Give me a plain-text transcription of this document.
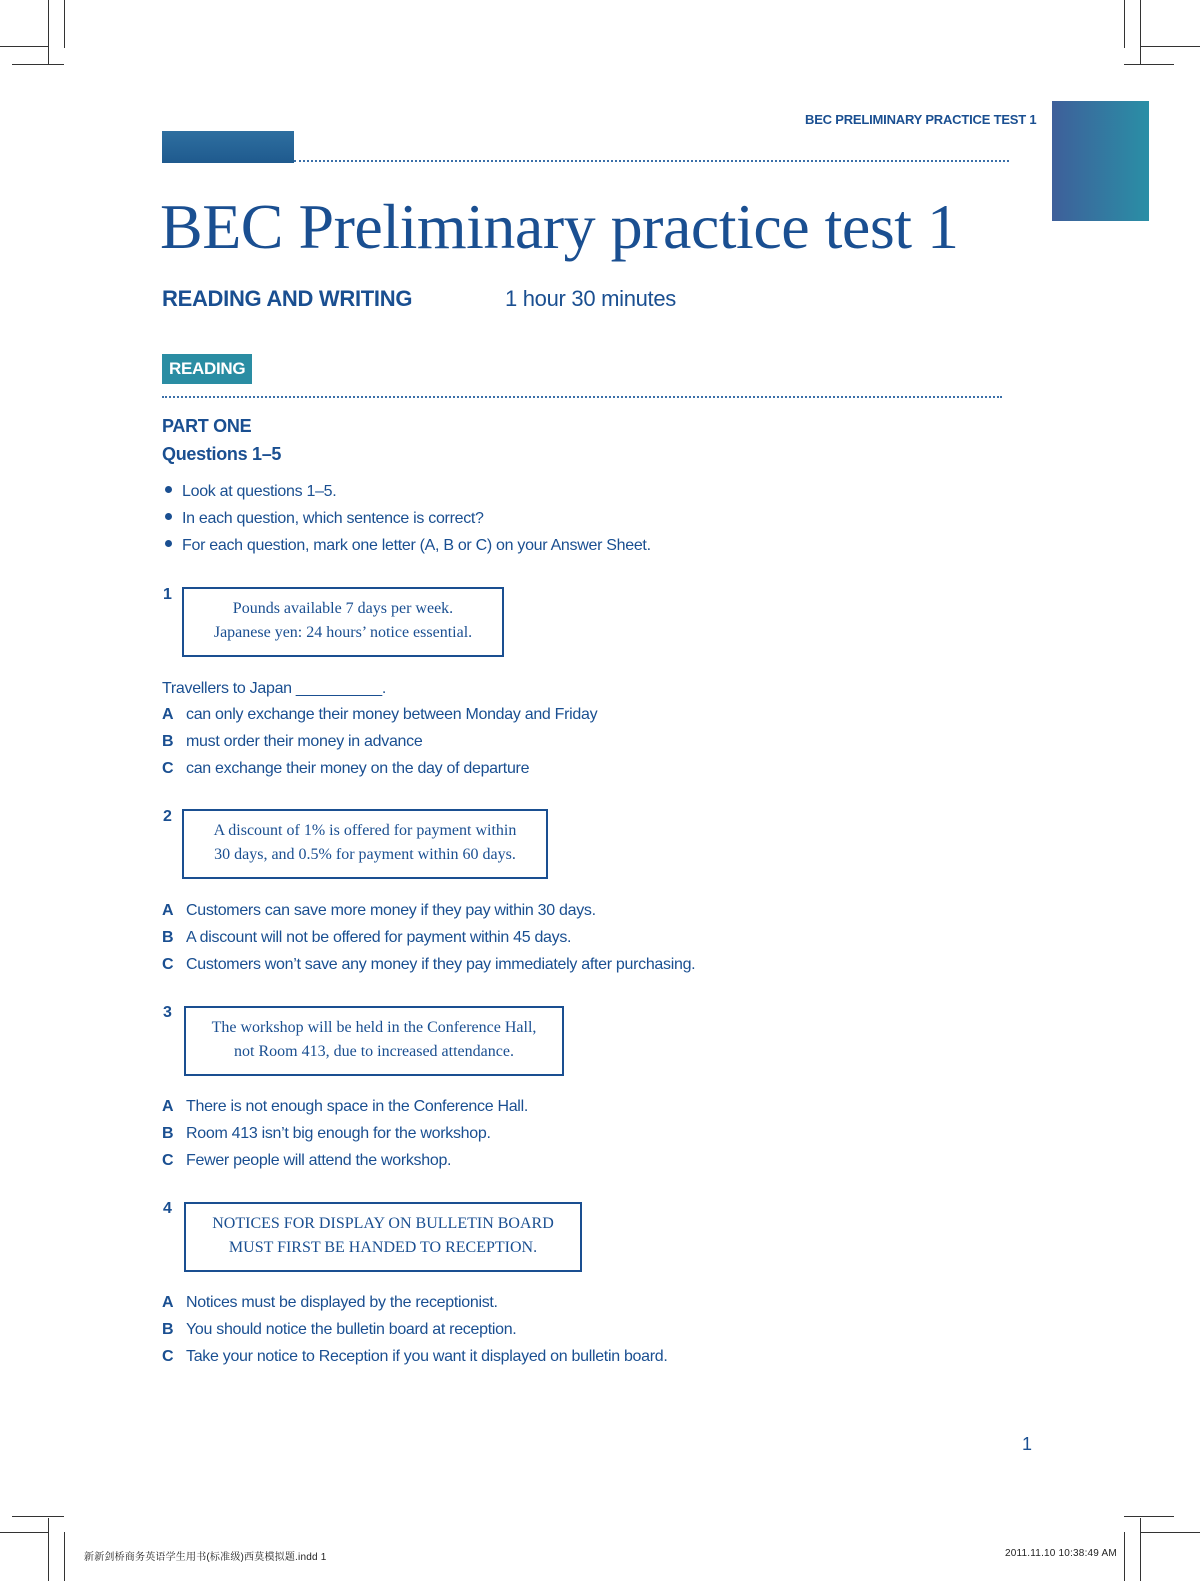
BEC PRELIMINARY PRACTICE TEST 1
BEC Preliminary practice test 1
READING AND WRITING	1 hour 30 minutes
READING
PART ONE
Questions 1–5
Look at questions 1–5.
In each question, which sentence is correct?
For each question, mark one letter (A, B or C) on your Answer Sheet.
1
Pounds available 7 days per week.
Japanese yen: 24 hours’ notice essential.
Travellers to Japan __________.
A can only exchange their money between Monday and Friday
B must order their money in advance
C can exchange their money on the day of departure
2
A discount of 1% is offered for payment within
30 days, and 0.5% for payment within 60 days.
A Customers can save more money if they pay within 30 days.
B A discount will not be offered for payment within 45 days.
C Customers won’t save any money if they pay immediately after purchasing.
3
The workshop will be held in the Conference Hall,
not Room 413, due to increased attendance.
A There is not enough space in the Conference Hall.
B Room 413 isn’t big enough for the workshop.
C Fewer people will attend the workshop.
4
NOTICES FOR DISPLAY ON BULLETIN BOARD
MUST FIRST BE HANDED TO RECEPTION.
A Notices must be displayed by the receptionist.
B You should notice the bulletin board at reception.
C Take your notice to Reception if you want it displayed on bulletin board.
1
新新剑桥商务英语学生用书(标准级)西莫模拟题.indd 1	2011.11.10 10:38:49 AM
